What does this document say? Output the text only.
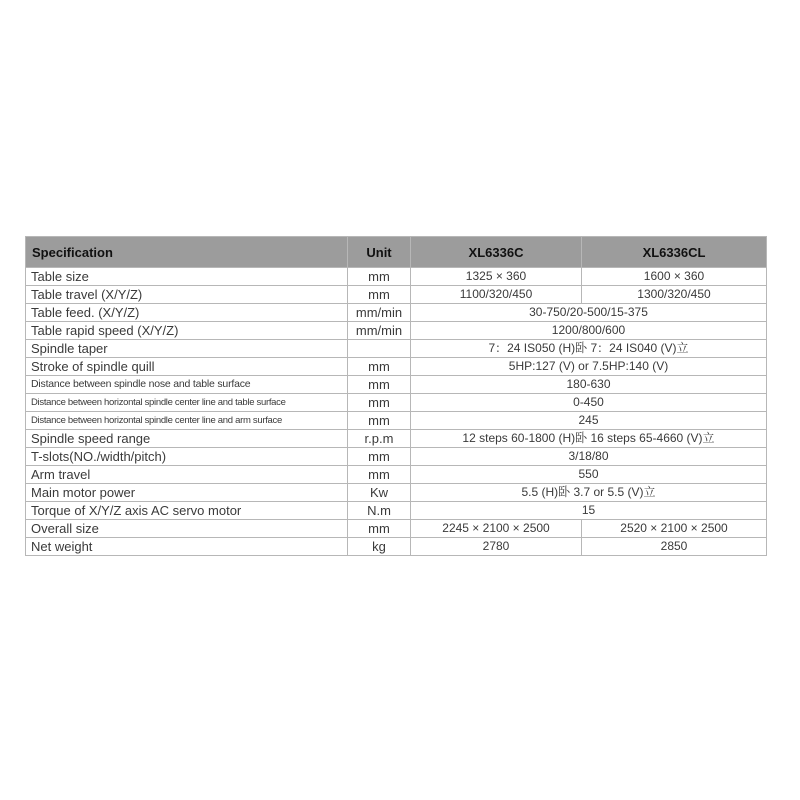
Specification	Unit	XL6336C	XL6336CL
Table size	mm	1325 × 360	1600 × 360
Table travel (X/Y/Z)	mm	1100/320/450	1300/320/450
Table feed. (X/Y/Z)	mm/min	30-750/20-500/15-375	
Table rapid speed (X/Y/Z)	mm/min	1200/800/600	
Spindle taper		7：24 IS050 (H)卧 7：24 IS040 (V)立	
Stroke of spindle quill	mm	5HP:127 (V) or 7.5HP:140 (V)	
Distance between spindle nose and table surface	mm	180-630	
Distance between horizontal spindle center line and table surface	mm	0-450	
Distance between horizontal spindle center line and arm surface	mm	245	
Spindle speed range	r.p.m	12 steps 60-1800 (H)卧 16 steps 65-4660 (V)立	
T-slots(NO./width/pitch)	mm	3/18/80	
Arm travel	mm	550	
Main motor power	Kw	5.5 (H)卧 3.7 or 5.5 (V)立	
Torque of X/Y/Z axis AC servo motor	N.m	15	
Overall size	mm	2245 × 2100 × 2500	2520 × 2100 × 2500
Net weight	kg	2780	2850
